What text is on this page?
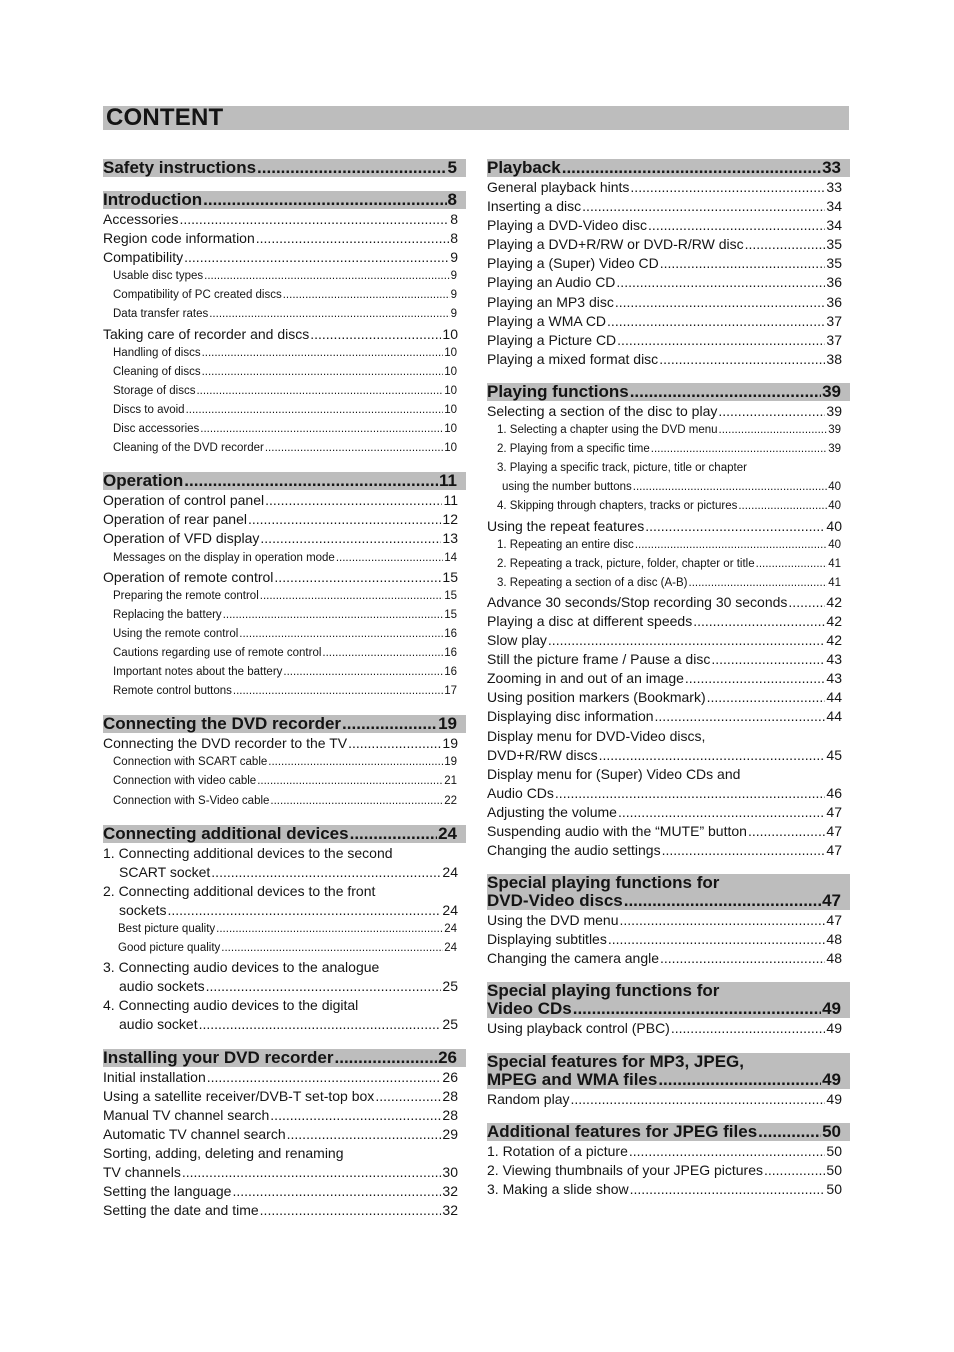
CONTENT
Safety instructions .....	5
Introduction .....	8
Accessories .....	8
Region code information .....	8
Compatibility .....	9
Usable disc types .....	9
Compatibility of PC created discs .....	9
Data transfer rates .....	9
Taking care of recorder and discs .....	10
Handling of discs .....	10
Cleaning of discs .....	10
Storage of discs .....	10
Discs to avoid .....	10
Disc accessories .....	10
Cleaning of the DVD recorder .....	10
Operation .....	11
Operation of control panel .....	11
Operation of rear panel .....	12
Operation of VFD display .....	13
Messages on the display in operation mode .....	14
Operation of remote control .....	15
Preparing the remote control .....	15
Replacing the battery .....	15
Using the remote control .....	16
Cautions regarding use of remote control .....	16
Important notes about the battery .....	16
Remote control buttons .....	17
Connecting the DVD recorder .....	19
Connecting the DVD recorder to the TV .....	19
Connection with SCART cable .....	19
Connection with video cable .....	21
Connection with S-Video cable .....	22
Connecting additional devices .....	24
1. Connecting additional devices to the second
SCART socket .....	24
2. Connecting additional devices to the front
sockets .....	24
Best picture quality .....	24
Good picture quality .....	24
3. Connecting audio devices to the analogue
audio sockets .....	25
4. Connecting audio devices to the digital
audio socket .....	25
Installing your DVD recorder .....	26
Initial installation .....	26
Using a satellite receiver/DVB-T set-top box .....	28
Manual TV channel search .....	28
Automatic TV channel search .....	29
Sorting, adding, deleting and renaming
TV channels .....	30
Setting the language .....	32
Setting the date and time .....	32
Playback .....	33
General playback hints .....	33
Inserting a disc .....	34
Playing a DVD-Video disc .....	34
Playing a DVD+R/RW or DVD-R/RW disc .....	35
Playing a (Super) Video CD .....	35
Playing an Audio CD .....	36
Playing an MP3 disc .....	36
Playing a WMA CD .....	37
Playing a Picture CD .....	37
Playing a mixed format disc .....	38
Playing functions .....	39
Selecting a section of the disc to play .....	39
1. Selecting a chapter using the DVD menu .....	39
2. Playing from a specific time .....	39
3. Playing a specific track, picture, title or chapter
using the number buttons .....	40
4. Skipping through chapters, tracks or pictures .....	40
Using the repeat features .....	40
1. Repeating an entire disc .....	40
2. Repeating a track, picture, folder, chapter or title .....	41
3. Repeating a section of a disc (A-B) .....	41
Advance 30 seconds/Stop recording 30 seconds .....	42
Playing a disc at different speeds .....	42
Slow play .....	42
Still the picture frame / Pause a disc .....	43
Zooming in and out of an image .....	43
Using position markers (Bookmark) .....	44
Displaying disc information .....	44
Display menu for DVD-Video discs,
DVD+R/RW discs .....	45
Display menu for (Super) Video CDs and
Audio CDs .....	46
Adjusting the volume .....	47
Suspending audio with the “MUTE” button .....	47
Changing the audio settings .....	47
Special playing functions for
DVD-Video discs .....	47
Using the DVD menu .....	47
Displaying subtitles .....	48
Changing the camera angle .....	48
Special playing functions for
Video CDs .....	49
Using playback control (PBC) .....	49
Special features for MP3, JPEG,
MPEG and WMA files .....	49
Random play .....	49
Additional features for JPEG files .....	50
1. Rotation of a picture .....	50
2. Viewing thumbnails of your JPEG pictures .....	50
3. Making a slide show .....	50
